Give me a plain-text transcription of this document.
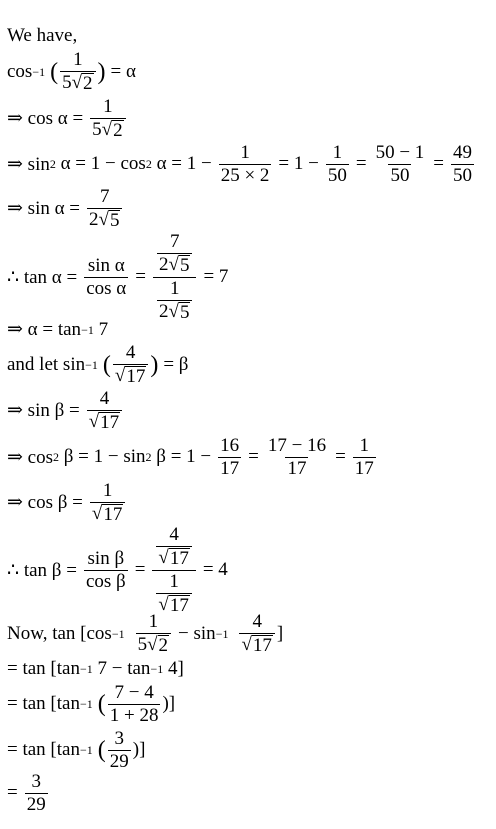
We have,
cos −1 ( $\frac{1}{5 √ 2}$ ) = α
⇒ $\cos \alpha = \frac{1}{5 √ 2}$
⇒ sin 2 α = 1 − cos 2 $\alpha = 1 - \frac{1}{25 \times 2} = 1 - \frac{1}{50} = \frac{50 - 1}{50} = \frac{49}{50}$
⇒ $\sin \alpha = \frac{7}{2 √ 5}$
∴ $\tan \alpha = \frac{\text{sin α}}{\text{cos α}} = \frac{\frac{7}{2 √ 5}}{\frac{1}{2 √ 5}} = 7$
⇒ α = tan −1 7
and let sin −1 ( $\frac{4}{√ 17}$ ) = β
⇒ $\sin \beta = \frac{4}{√ 17}$
⇒ cos 2 β = 1 − sin 2 $\beta = 1 - \frac{16}{17} = \frac{17 - 16}{17} = \frac{1}{17}$
⇒ $\cos \beta = \frac{1}{√ 17}$
∴ $\tan \beta = \frac{\text{sin β}}{\text{cos β}} = \frac{\frac{4}{√ 17}}{\frac{1}{√ 17}} = 4$
Now, $\tan [\cos -1 \frac{1}{5 √ 2} - \sin -1 \frac{4}{√ 17}$ ]
= tan [tan −1 7 − tan −1 4]
= tan [tan −1 ( $\frac{7 - 4}{1 + 28}$ )]
= tan [tan −1 ( $\frac{3}{29}$ )]
= $\frac{3}{29}$
